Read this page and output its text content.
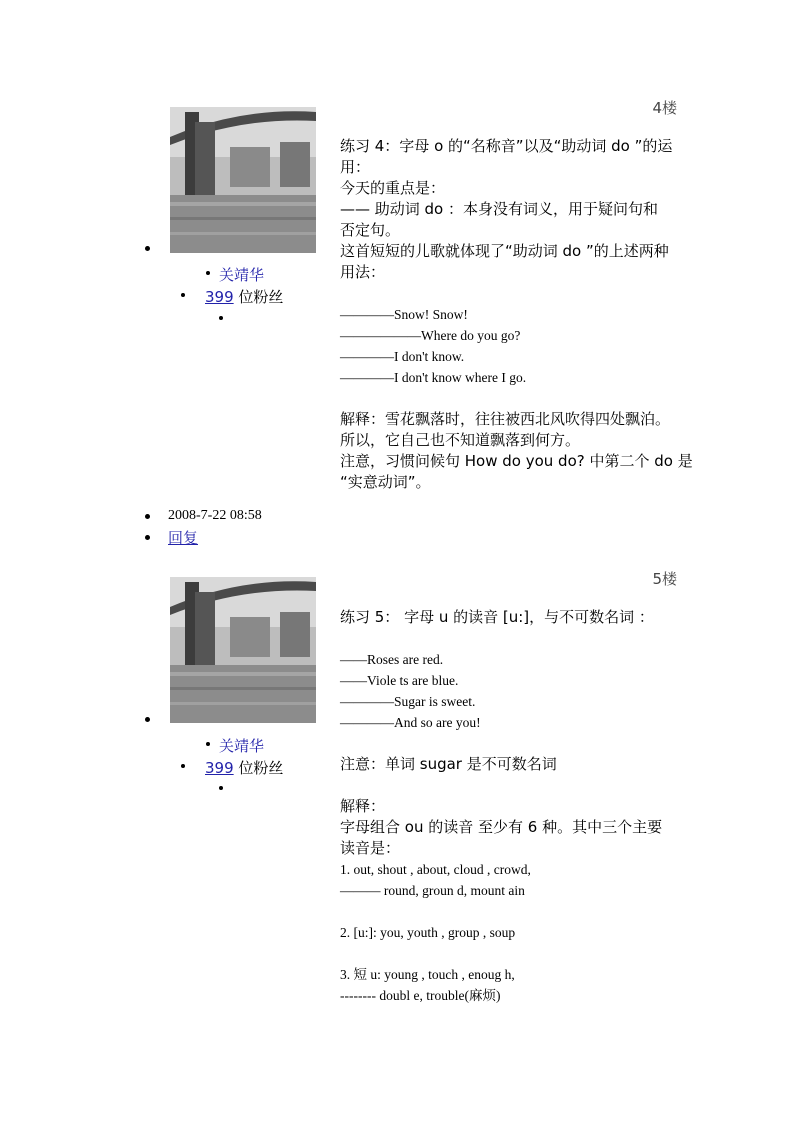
4楼
关靖华
399 位粉丝
练习 4：字母 o 的“名称音”以及“助动词 do ”的运
用：
今天的重点是：
—— 助动词 do ：本身没有词义，用于疑问句和
否定句。
这首短短的儿歌就体现了“助动词 do ”的上述两种
用法：
————Snow! Snow!
——————Where do you go?
————I don't know.
————I don't know where I go.
解释：雪花飘落时，往往被西北风吹得四处飘泊。
所以，它自己也不知道飘落到何方。
注意，习惯问候句 How do you do? 中第二个 do 是
“实意动词”。
2008-7-22 08:58
回复
5楼
关靖华
399 位粉丝
练习 5： 字母 u 的读音 [u:]，与不可数名词 ：
——Roses are red.
——Viole ts are blue.
————Sugar is sweet.
————And so are you!
注意：单词 sugar 是不可数名词
解释：
字母组合 ou 的读音 至少有 6 种。其中三个主要
读音是：
1. out, shout , about, cloud , crowd,
——— round, groun d, mount ain
2. [u:]: you, youth , group , soup
3. 短 u: young , touch , enoug h,
-------- doubl e, trouble(麻烦)
